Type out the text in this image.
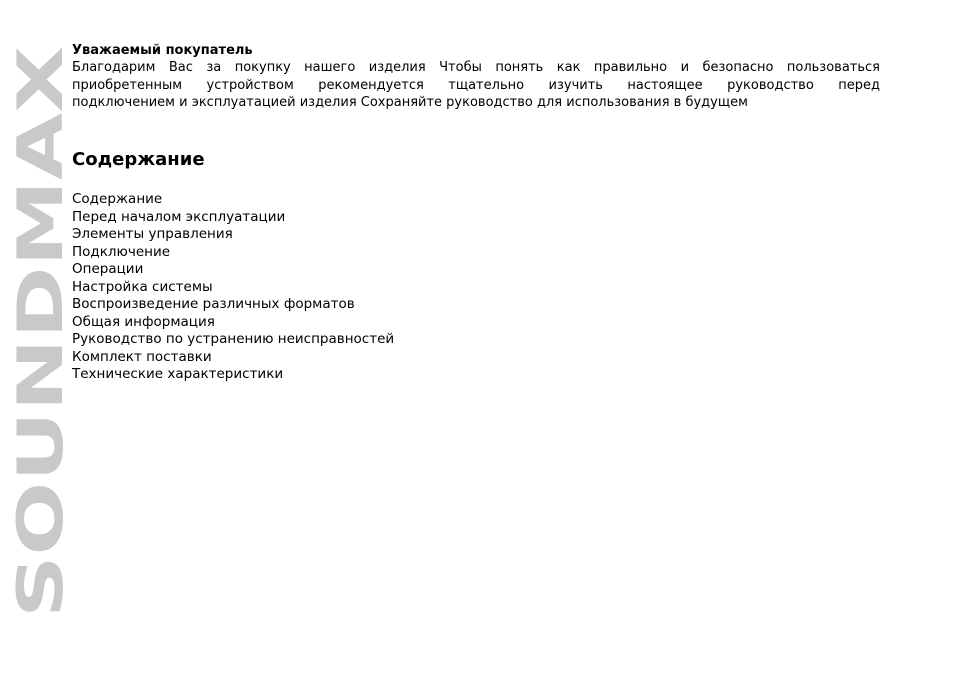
SOUNDMAX

Уважаемый покупатель

Благодарим Вас за покупку нашего изделия Чтобы понять как правильно и безопасно пользоваться
приобретенным устройством рекомендуется тщательно изучить настоящее руководство перед
подключением и эксплуатацией изделия Сохраняйте руководство для использования в будущем

Содержание
Содержание
Перед началом эксплуатации
Элементы управления
Подключение
Операции
Настройка системы
Воспроизведение различных форматов
Общая информация
Руководство по устранению неисправностей
Комплект поставки
Технические характеристики
